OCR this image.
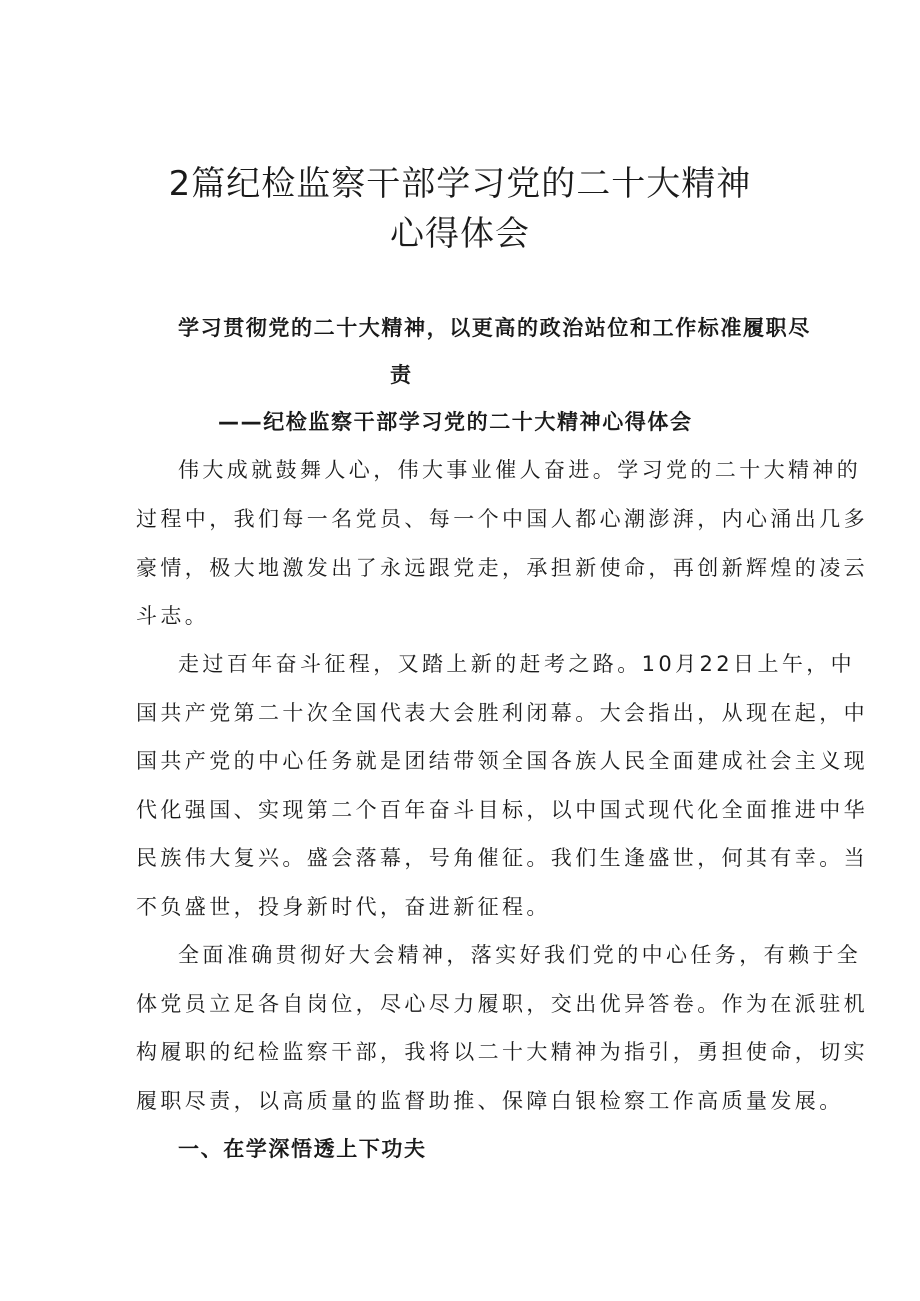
2篇纪检监察干部学习党的二十大精神
心得体会
学习贯彻党的二十大精神，以更高的政治站位和工作标准履职尽
责
——纪检监察干部学习党的二十大精神心得体会

伟大成就鼓舞人心，伟大事业催人奋进。学习党的二十大精神的

过程中，我们每一名党员、每一个中国人都心潮澎湃，内心涌出几多

豪情，极大地激发出了永远跟党走，承担新使命，再创新辉煌的凌云

斗志。

走过百年奋斗征程，又踏上新的赶考之路。10月22日上午，中

国共产党第二十次全国代表大会胜利闭幕。大会指出，从现在起，中

国共产党的中心任务就是团结带领全国各族人民全面建成社会主义现

代化强国、实现第二个百年奋斗目标，以中国式现代化全面推进中华

民族伟大复兴。盛会落幕，号角催征。我们生逢盛世，何其有幸。当

不负盛世，投身新时代，奋进新征程。

全面准确贯彻好大会精神，落实好我们党的中心任务，有赖于全

体党员立足各自岗位，尽心尽力履职，交出优异答卷。作为在派驻机

构履职的纪检监察干部，我将以二十大精神为指引，勇担使命，切实

履职尽责，以高质量的监督助推、保障白银检察工作高质量发展。

一、在学深悟透上下功夫
